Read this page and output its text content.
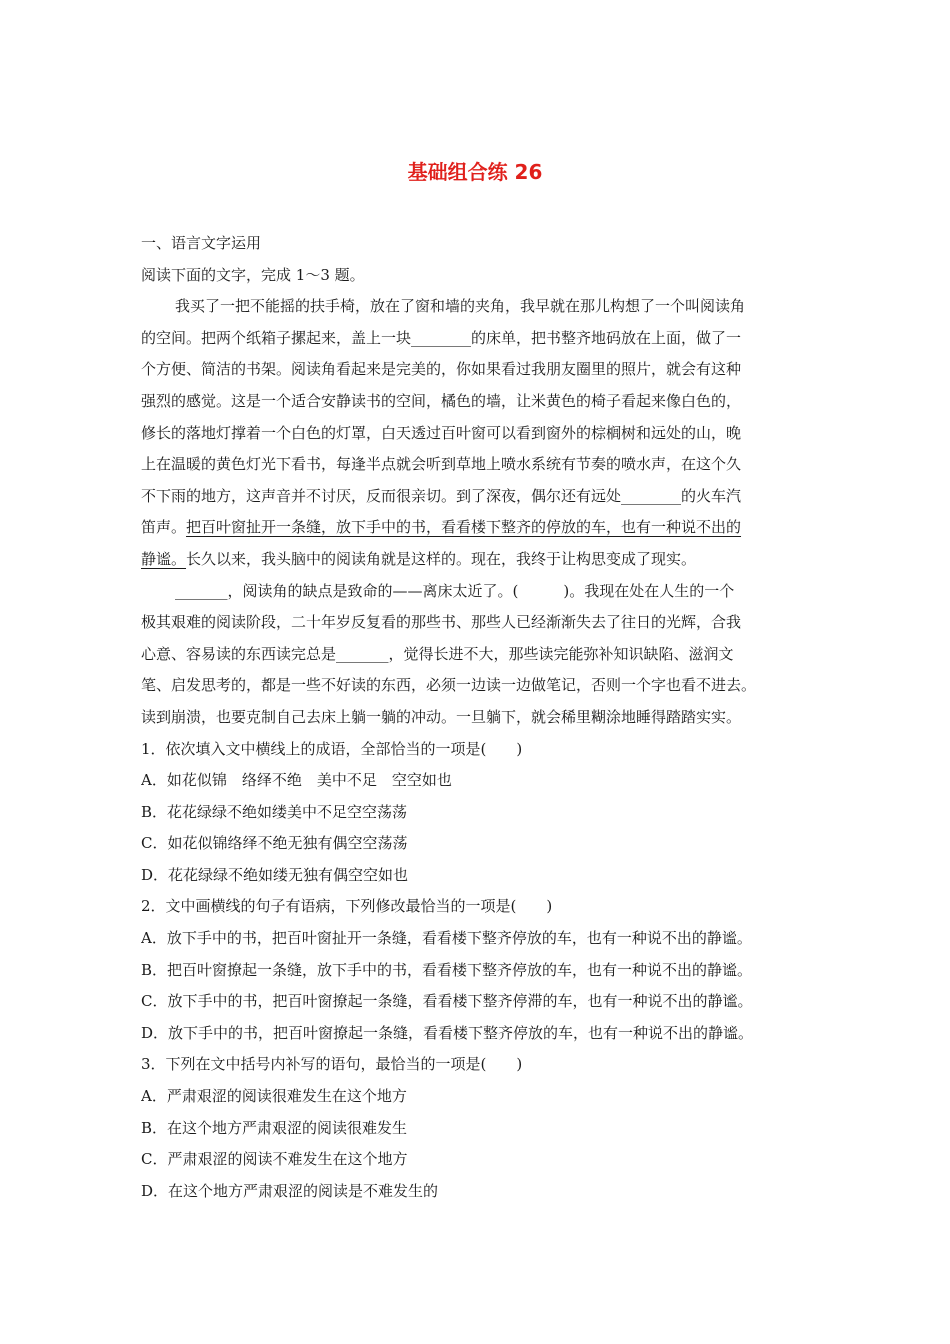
基础组合练 26
一、语言文字运用
阅读下面的文字，完成 1～3 题。
我买了一把不能摇的扶手椅，放在了窗和墙的夹角，我早就在那儿构想了一个叫阅读角
的空间。把两个纸箱子摞起来，盖上一块________的床单，把书整齐地码放在上面，做了一
个方便、简洁的书架。阅读角看起来是完美的，你如果看过我朋友圈里的照片，就会有这种
强烈的感觉。这是一个适合安静读书的空间，橘色的墙，让米黄色的椅子看起来像白色的，
修长的落地灯撑着一个白色的灯罩，白天透过百叶窗可以看到窗外的棕榈树和远处的山，晚
上在温暖的黄色灯光下看书，每逢半点就会听到草地上喷水系统有节奏的喷水声，在这个久
不下雨的地方，这声音并不讨厌，反而很亲切。到了深夜，偶尔还有远处________的火车汽
笛声。把百叶窗扯开一条缝，放下手中的书，看看楼下整齐的停放的车，也有一种说不出的
静谧。长久以来，我头脑中的阅读角就是这样的。现在，我终于让构思变成了现实。
_______，阅读角的缺点是致命的——离床太近了。(　　　)。我现在处在人生的一个
极其艰难的阅读阶段，二十年岁反复看的那些书、那些人已经渐渐失去了往日的光辉，合我
心意、容易读的东西读完总是_______，觉得长进不大，那些读完能弥补知识缺陷、滋润文
笔、启发思考的，都是一些不好读的东西，必须一边读一边做笔记，否则一个字也看不进去。
读到崩溃，也要克制自己去床上躺一躺的冲动。一旦躺下，就会稀里糊涂地睡得踏踏实实。
1．依次填入文中横线上的成语，全部恰当的一项是(　　)
A．如花似锦　络绎不绝　美中不足　空空如也
B．花花绿绿不绝如缕美中不足空空荡荡
C．如花似锦络绎不绝无独有偶空空荡荡
D．花花绿绿不绝如缕无独有偶空空如也
2．文中画横线的句子有语病，下列修改最恰当的一项是(　　)
A．放下手中的书，把百叶窗扯开一条缝，看看楼下整齐停放的车，也有一种说不出的静谧。
B．把百叶窗撩起一条缝，放下手中的书，看看楼下整齐停放的车，也有一种说不出的静谧。
C．放下手中的书，把百叶窗撩起一条缝，看看楼下整齐停滞的车，也有一种说不出的静谧。
D．放下手中的书，把百叶窗撩起一条缝，看看楼下整齐停放的车，也有一种说不出的静谧。
3．下列在文中括号内补写的语句，最恰当的一项是(　　)
A．严肃艰涩的阅读很难发生在这个地方
B．在这个地方严肃艰涩的阅读很难发生
C．严肃艰涩的阅读不难发生在这个地方
D．在这个地方严肃艰涩的阅读是不难发生的
